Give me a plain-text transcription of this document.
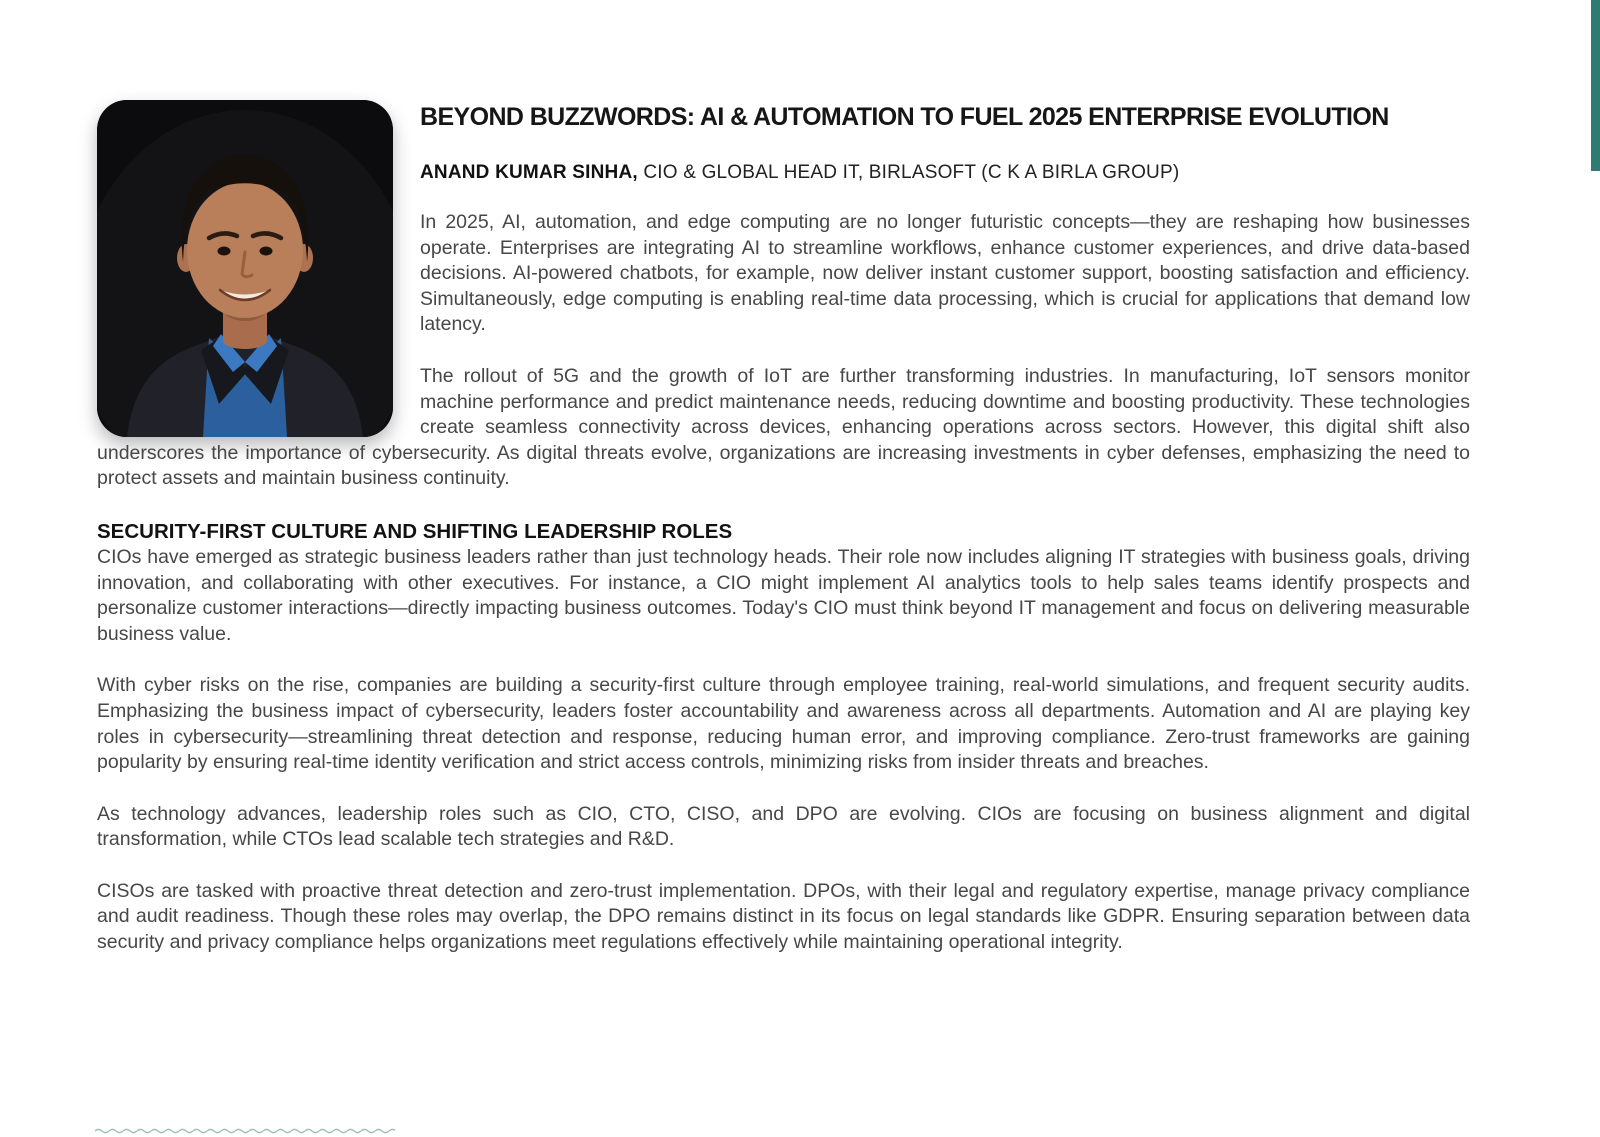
BEYOND BUZZWORDS: AI & AUTOMATION TO FUEL 2025 ENTERPRISE EVOLUTION

ANAND KUMAR SINHA, CIO & GLOBAL HEAD IT, BIRLASOFT (C K A BIRLA GROUP)

In 2025, AI, automation, and edge computing are no longer futuristic concepts—they are reshaping how businesses operate. Enterprises are integrating AI to streamline workflows, enhance customer experiences, and drive data-based decisions. AI-powered chatbots, for example, now deliver instant customer support, boosting satisfaction and efficiency. Simultaneously, edge computing is enabling real-time data processing, which is crucial for applications that demand low latency.

The rollout of 5G and the growth of IoT are further transforming industries. In manufacturing, IoT sensors monitor machine performance and predict maintenance needs, reducing downtime and boosting productivity. These technologies create seamless connectivity across devices, enhancing operations across sectors. However, this digital shift also underscores the importance of cybersecurity. As digital threats evolve, organizations are increasing investments in cyber defenses, emphasizing the need to protect assets and maintain business continuity.

SECURITY-FIRST CULTURE AND SHIFTING LEADERSHIP ROLES

CIOs have emerged as strategic business leaders rather than just technology heads. Their role now includes aligning IT strategies with business goals, driving innovation, and collaborating with other executives. For instance, a CIO might implement AI analytics tools to help sales teams identify prospects and personalize customer interactions—directly impacting business outcomes. Today's CIO must think beyond IT management and focus on delivering measurable business value.

With cyber risks on the rise, companies are building a security-first culture through employee training, real-world simulations, and frequent security audits. Emphasizing the business impact of cybersecurity, leaders foster accountability and awareness across all departments. Automation and AI are playing key roles in cybersecurity—streamlining threat detection and response, reducing human error, and improving compliance. Zero-trust frameworks are gaining popularity by ensuring real-time identity verification and strict access controls, minimizing risks from insider threats and breaches.

As technology advances, leadership roles such as CIO, CTO, CISO, and DPO are evolving. CIOs are focusing on business alignment and digital transformation, while CTOs lead scalable tech strategies and R&D.

CISOs are tasked with proactive threat detection and zero-trust implementation. DPOs, with their legal and regulatory expertise, manage privacy compliance and audit readiness. Though these roles may overlap, the DPO remains distinct in its focus on legal standards like GDPR. Ensuring separation between data security and privacy compliance helps organizations meet regulations effectively while maintaining operational integrity.
